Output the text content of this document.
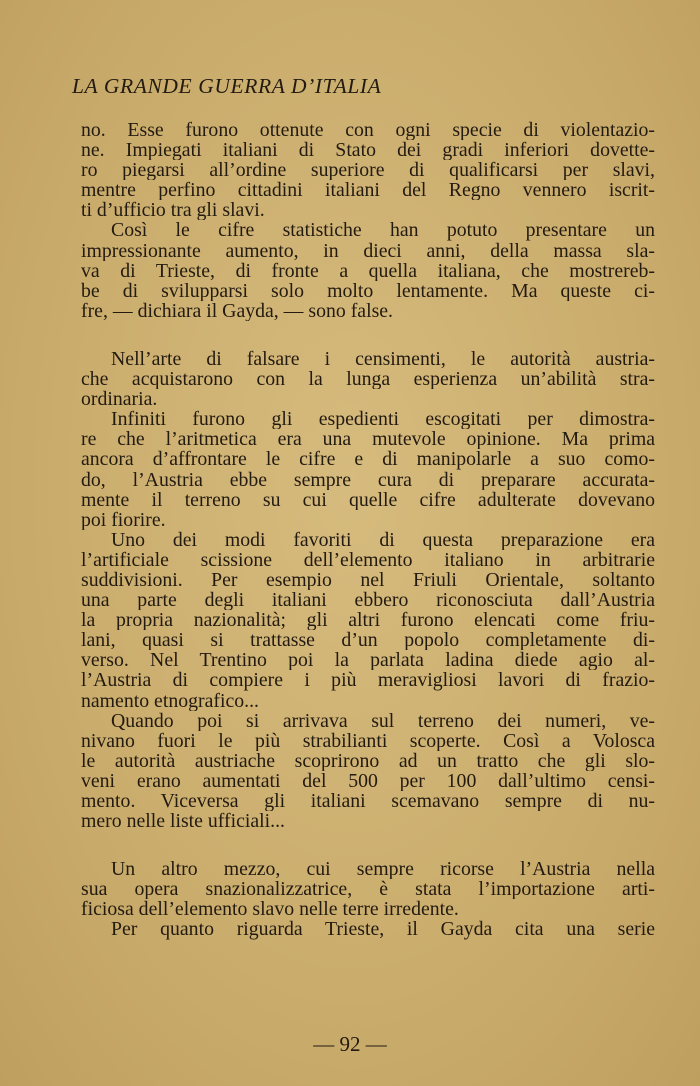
LA GRANDE GUERRA D’ITALIA
no. Esse furono ottenute con ogni specie di violentazio-
ne. Impiegati italiani di Stato dei gradi inferiori dovette-
ro piegarsi all’ordine superiore di qualificarsi per slavi,
mentre perfino cittadini italiani del Regno vennero iscrit-
ti d’ufficio tra gli slavi.
Così le cifre statistiche han potuto presentare un
impressionante aumento, in dieci anni, della massa sla-
va di Trieste, di fronte a quella italiana, che mostrereb-
be di svilupparsi solo molto lentamente. Ma queste ci-
fre, — dichiara il Gayda, — sono false.
Nell’arte di falsare i censimenti, le autorità austria-
che acquistarono con la lunga esperienza un’abilità stra-
ordinaria.
Infiniti furono gli espedienti escogitati per dimostra-
re che l’aritmetica era una mutevole opinione. Ma prima
ancora d’affrontare le cifre e di manipolarle a suo como-
do, l’Austria ebbe sempre cura di preparare accurata-
mente il terreno su cui quelle cifre adulterate dovevano
poi fiorire.
Uno dei modi favoriti di questa preparazione era
l’artificiale scissione dell’elemento italiano in arbitrarie
suddivisioni. Per esempio nel Friuli Orientale, soltanto
una parte degli italiani ebbero riconosciuta dall’Austria
la propria nazionalità; gli altri furono elencati come friu-
lani, quasi si trattasse d’un popolo completamente di-
verso. Nel Trentino poi la parlata ladina diede agio al-
l’Austria di compiere i più meravigliosi lavori di frazio-
namento etnografico...
Quando poi si arrivava sul terreno dei numeri, ve-
nivano fuori le più strabilianti scoperte. Così a Volosca
le autorità austriache scoprirono ad un tratto che gli slo-
veni erano aumentati del 500 per 100 dall’ultimo censi-
mento. Viceversa gli italiani scemavano sempre di nu-
mero nelle liste ufficiali...
Un altro mezzo, cui sempre ricorse l’Austria nella
sua opera snazionalizzatrice, è stata l’importazione arti-
ficiosa dell’elemento slavo nelle terre irredente.
Per quanto riguarda Trieste, il Gayda cita una serie
— 92 —
